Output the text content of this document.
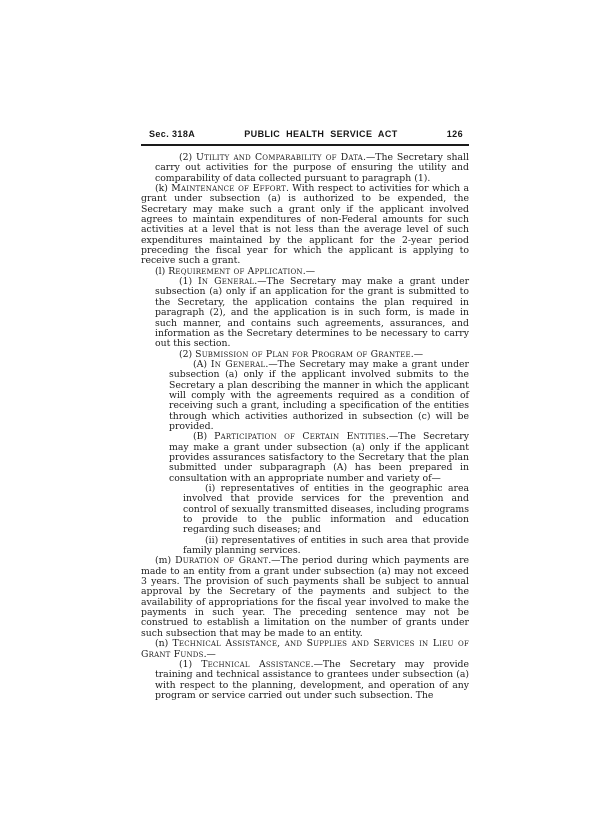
Sec. 318A	PUBLIC HEALTH SERVICE ACT	126

(2) Utility and Comparability of Data.—The Secretary shall carry out activities for the purpose of ensuring the utility and comparability of data collected pursuant to paragraph (1).

(k) Maintenance of Effort. With respect to activities for which a grant under subsection (a) is authorized to be expended, the Secretary may make such a grant only if the applicant involved agrees to maintain expenditures of non-Federal amounts for such activities at a level that is not less than the average level of such expenditures maintained by the applicant for the 2-year period preceding the fiscal year for which the applicant is applying to receive such a grant.

(l) Requirement of Application.—

(1) In General.—The Secretary may make a grant under subsection (a) only if an application for the grant is submitted to the Secretary, the application contains the plan required in paragraph (2), and the application is in such form, is made in such manner, and contains such agreements, assurances, and information as the Secretary determines to be necessary to carry out this section.

(2) Submission of Plan for Program of Grantee.—

(A) In General.—The Secretary may make a grant under subsection (a) only if the applicant involved submits to the Secretary a plan describing the manner in which the applicant will comply with the agreements required as a condition of receiving such a grant, including a specification of the entities through which activities authorized in subsection (c) will be provided.

(B) Participation of Certain Entities.—The Secretary may make a grant under subsection (a) only if the applicant provides assurances satisfactory to the Secretary that the plan submitted under subparagraph (A) has been prepared in consultation with an appropriate number and variety of—

(i) representatives of entities in the geographic area involved that provide services for the prevention and control of sexually transmitted diseases, including programs to provide to the public information and education regarding such diseases; and

(ii) representatives of entities in such area that provide family planning services.

(m) Duration of Grant.—The period during which payments are made to an entity from a grant under subsection (a) may not exceed 3 years. The provision of such payments shall be subject to annual approval by the Secretary of the payments and subject to the availability of appropriations for the fiscal year involved to make the payments in such year. The preceding sentence may not be construed to establish a limitation on the number of grants under such subsection that may be made to an entity.

(n) Technical Assistance, and Supplies and Services in Lieu of Grant Funds.—

(1) Technical Assistance.—The Secretary may provide training and technical assistance to grantees under subsection (a) with respect to the planning, development, and operation of any program or service carried out under such subsection. The
